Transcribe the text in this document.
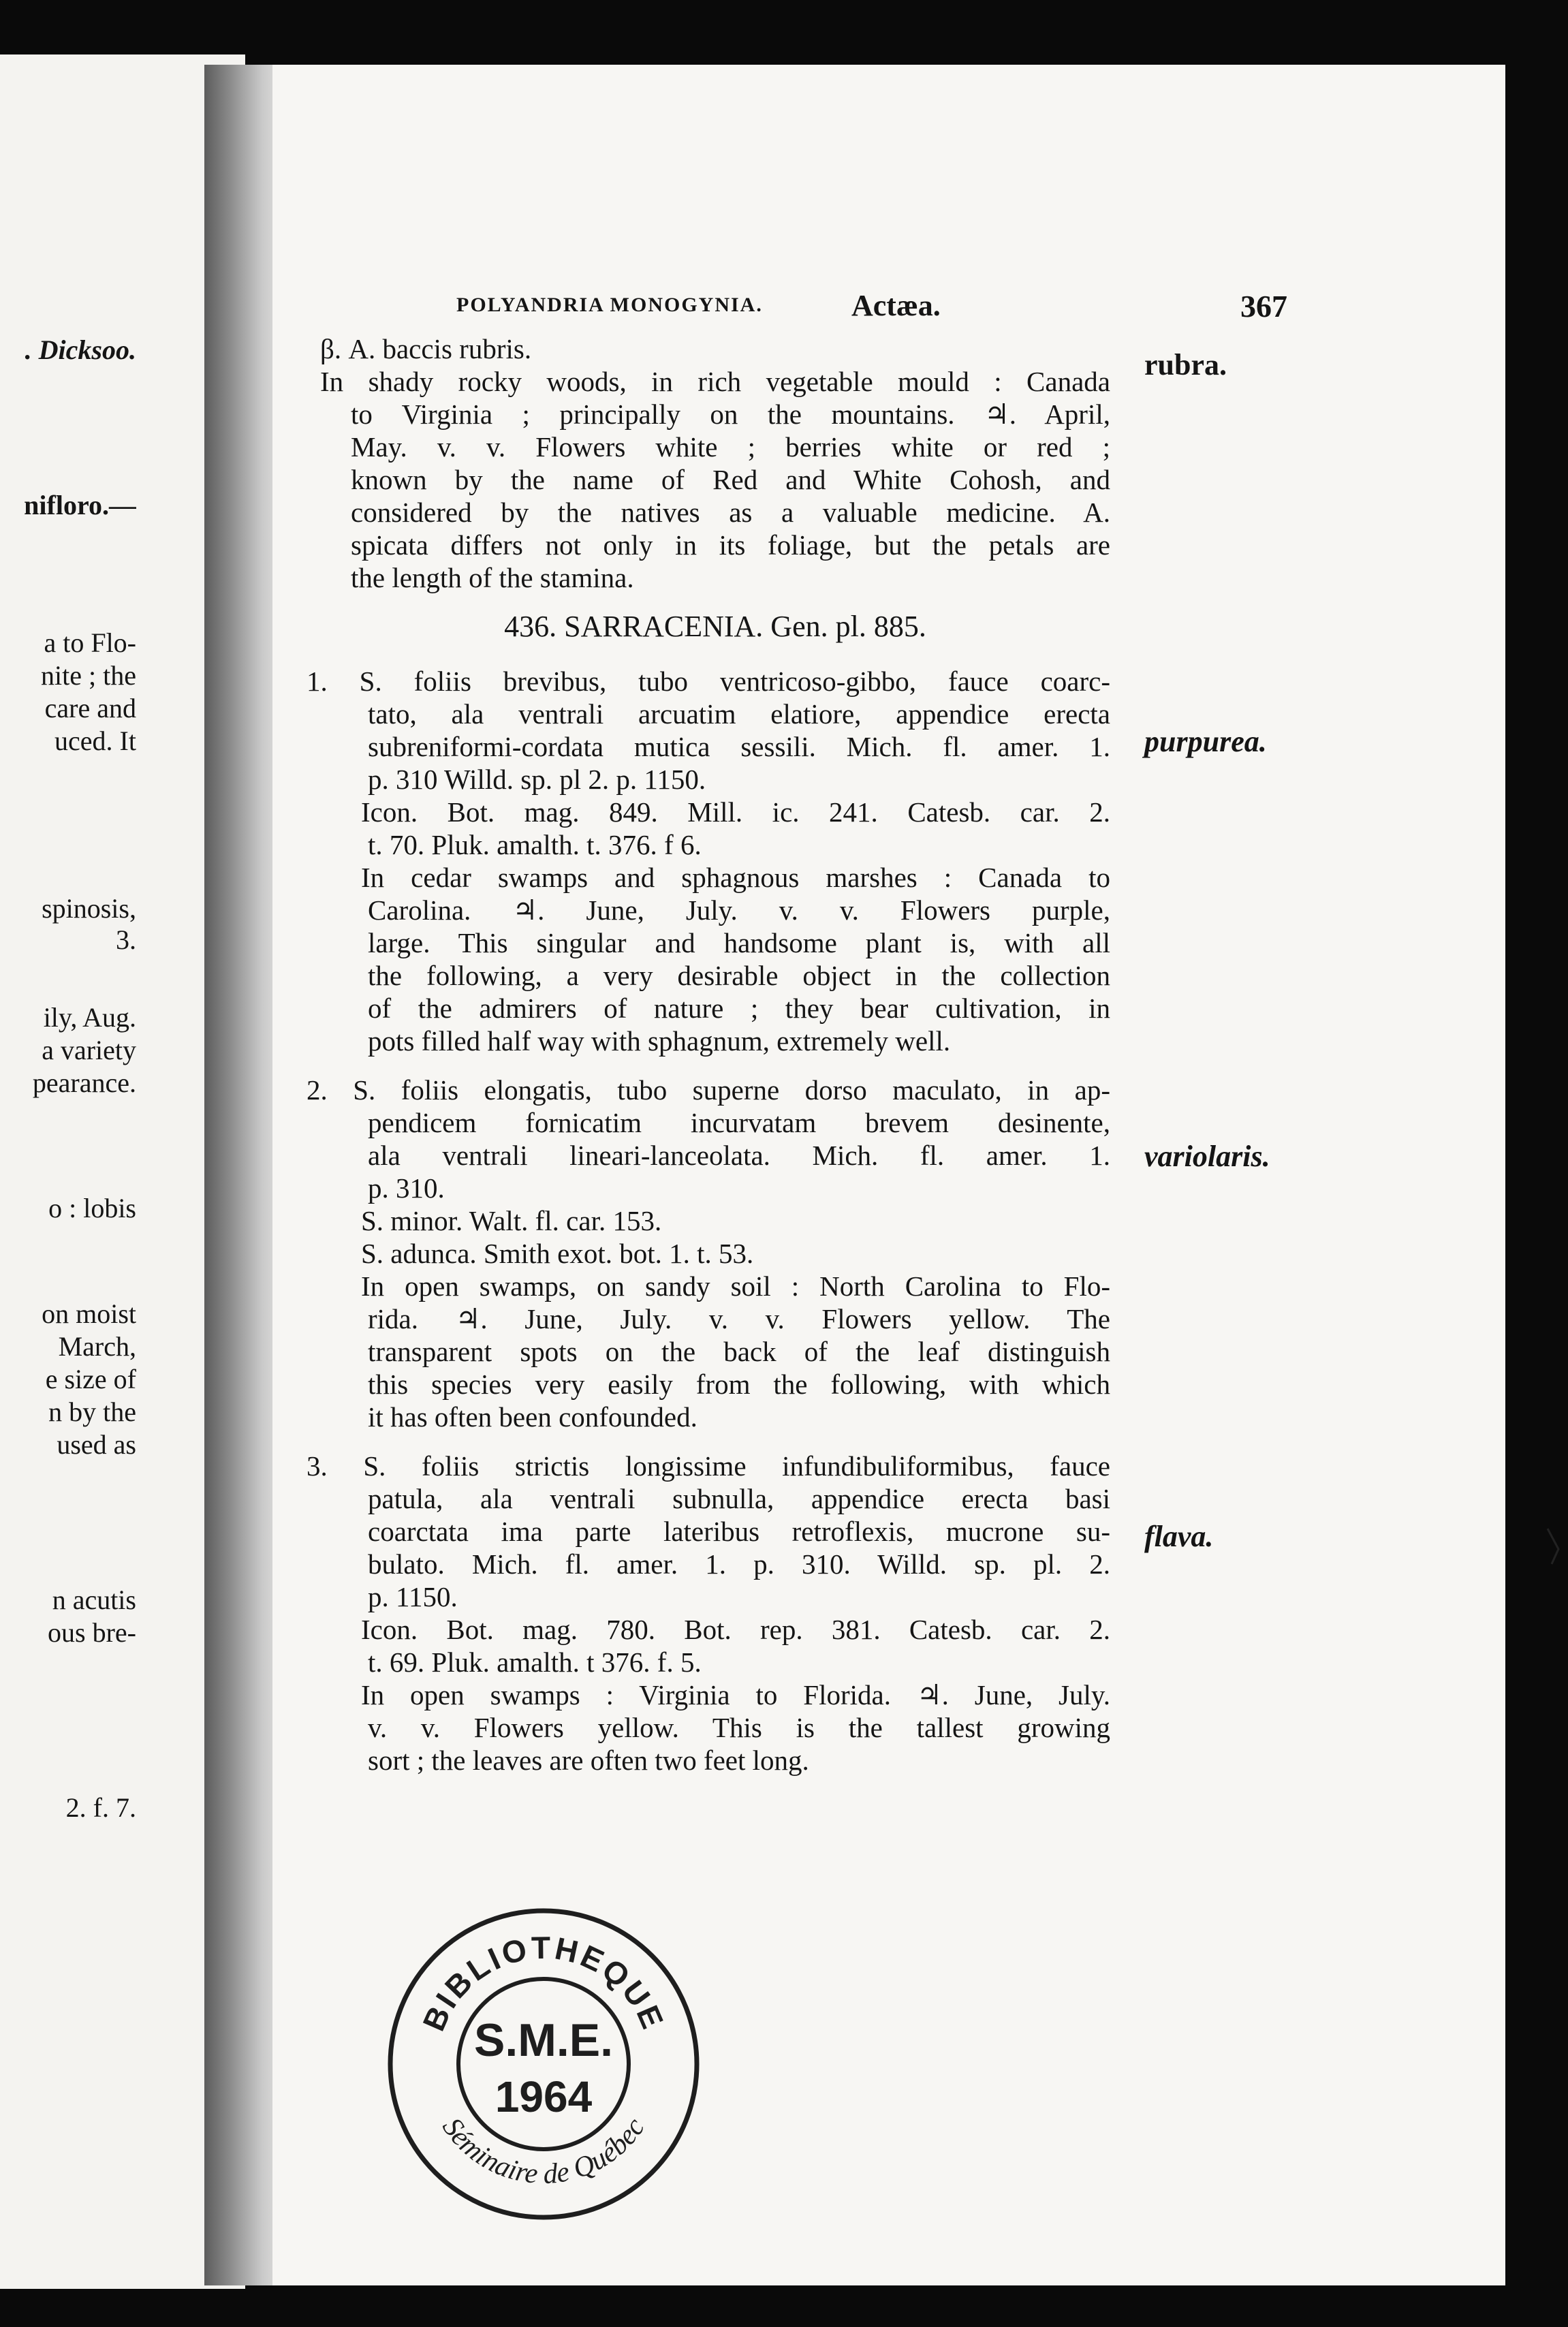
. Dicksoo.
nifloro.—
a to Flo-
nite ; the
care and
uced. It
spinosis,
3.
ily, Aug.
a variety
pearance.
o : lobis
on moist
March,
e size of
n by the
used as
n acutis
ous bre-
2. f. 7.
POLYANDRIA MONOGYNIA.	Actæa.	367
rubra.
purpurea.
variolaris.
flava.
β. A. baccis rubris.
In shady rocky woods, in rich vegetable mould : Canada
to Virginia ; principally on the mountains. ♃. April,
May. v. v. Flowers white ; berries white or red ;
known by the name of Red and White Cohosh, and
considered by the natives as a valuable medicine. A.
spicata differs not only in its foliage, but the petals are
the length of the stamina.
436. SARRACENIA. Gen. pl. 885.
1. S. foliis brevibus, tubo ventricoso-gibbo, fauce coarc-
tato, ala ventrali arcuatim elatiore, appendice erecta
subreniformi-cordata mutica sessili. Mich. fl. amer. 1.
p. 310 Willd. sp. pl 2. p. 1150.
Icon. Bot. mag. 849. Mill. ic. 241. Catesb. car. 2.
t. 70. Pluk. amalth. t. 376. f 6.
In cedar swamps and sphagnous marshes : Canada to
Carolina. ♃. June, July. v. v. Flowers purple,
large. This singular and handsome plant is, with all
the following, a very desirable object in the collection
of the admirers of nature ; they bear cultivation, in
pots filled half way with sphagnum, extremely well.
2. S. foliis elongatis, tubo superne dorso maculato, in ap-
pendicem fornicatim incurvatam brevem desinente,
ala ventrali lineari-lanceolata. Mich. fl. amer. 1.
p. 310.
S. minor. Walt. fl. car. 153.
S. adunca. Smith exot. bot. 1. t. 53.
In open swamps, on sandy soil : North Carolina to Flo-
rida. ♃. June, July. v. v. Flowers yellow. The
transparent spots on the back of the leaf distinguish
this species very easily from the following, with which
it has often been confounded.
3. S. foliis strictis longissime infundibuliformibus, fauce
patula, ala ventrali subnulla, appendice erecta basi
coarctata ima parte lateribus retroflexis, mucrone su-
bulato. Mich. fl. amer. 1. p. 310. Willd. sp. pl. 2.
p. 1150.
Icon. Bot. mag. 780. Bot. rep. 381. Catesb. car. 2.
t. 69. Pluk. amalth. t 376. f. 5.
In open swamps : Virginia to Florida. ♃. June, July.
v. v. Flowers yellow. This is the tallest growing
sort ; the leaves are often two feet long.
BIBLIOTHEQUE
S.M.E.
1964
Séminaire de Québec
